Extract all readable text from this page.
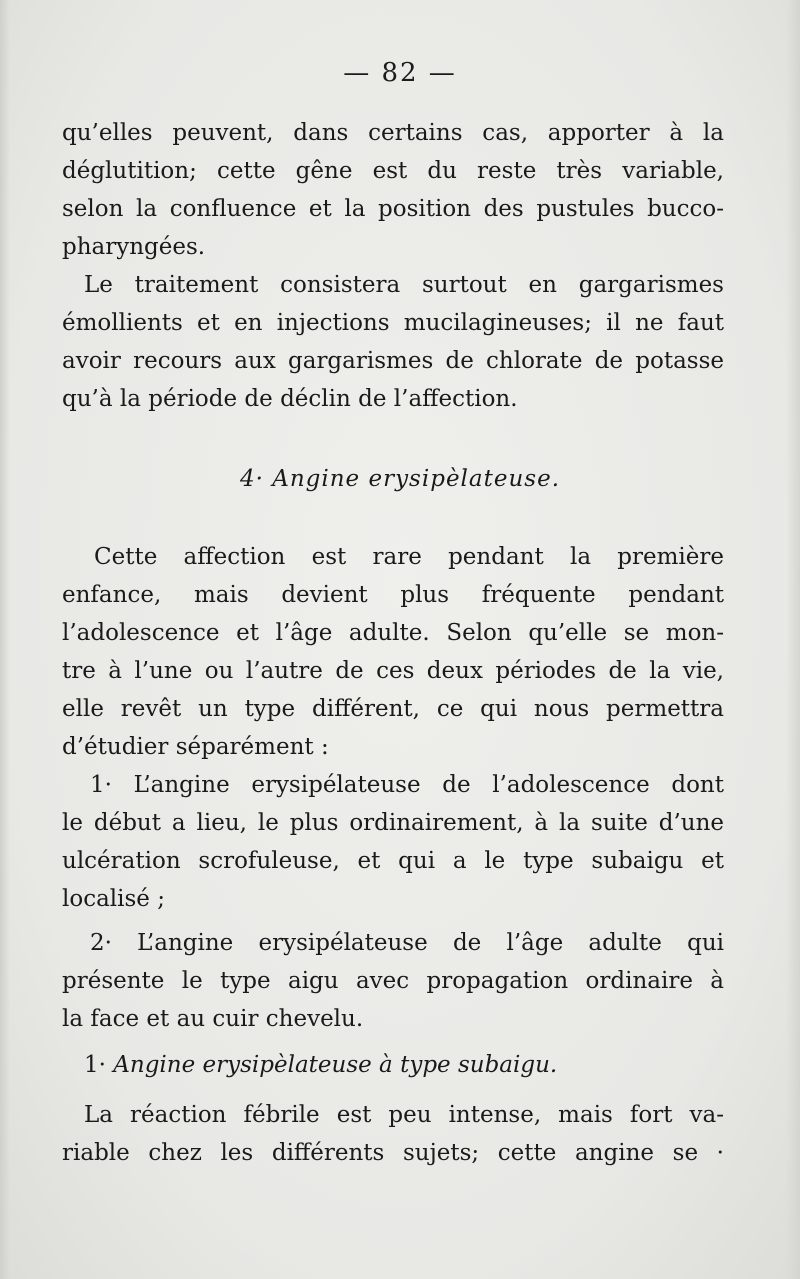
— 82 —
qu’elles peuvent, dans certains cas, apporter à la
déglutition; cette gêne est du reste très variable,
selon la confluence et la position des pustules bucco-
pharyngées.
Le traitement consistera surtout en gargarismes
émollients et en injections mucilagineuses; il ne faut
avoir recours aux gargarismes de chlorate de potasse
qu’à la période de déclin de l’affection.
4· Angine erysipèlateuse.
Cette affection est rare pendant la première
enfance, mais devient plus fréquente pendant
l’adolescence et l’âge adulte. Selon qu’elle se mon-
tre à l’une ou l’autre de ces deux périodes de la vie,
elle revêt un type différent, ce qui nous permettra
d’étudier séparément :
1· L’angine erysipélateuse de l’adolescence dont
le début a lieu, le plus ordinairement, à la suite d’une
ulcération scrofuleuse, et qui a le type subaigu et
localisé ;
2· L’angine erysipélateuse de l’âge adulte qui
présente le type aigu avec propagation ordinaire à
la face et au cuir chevelu.
1· Angine erysipèlateuse à type subaigu.
La réaction fébrile est peu intense, mais fort va-
riable chez les différents sujets; cette angine se ·
